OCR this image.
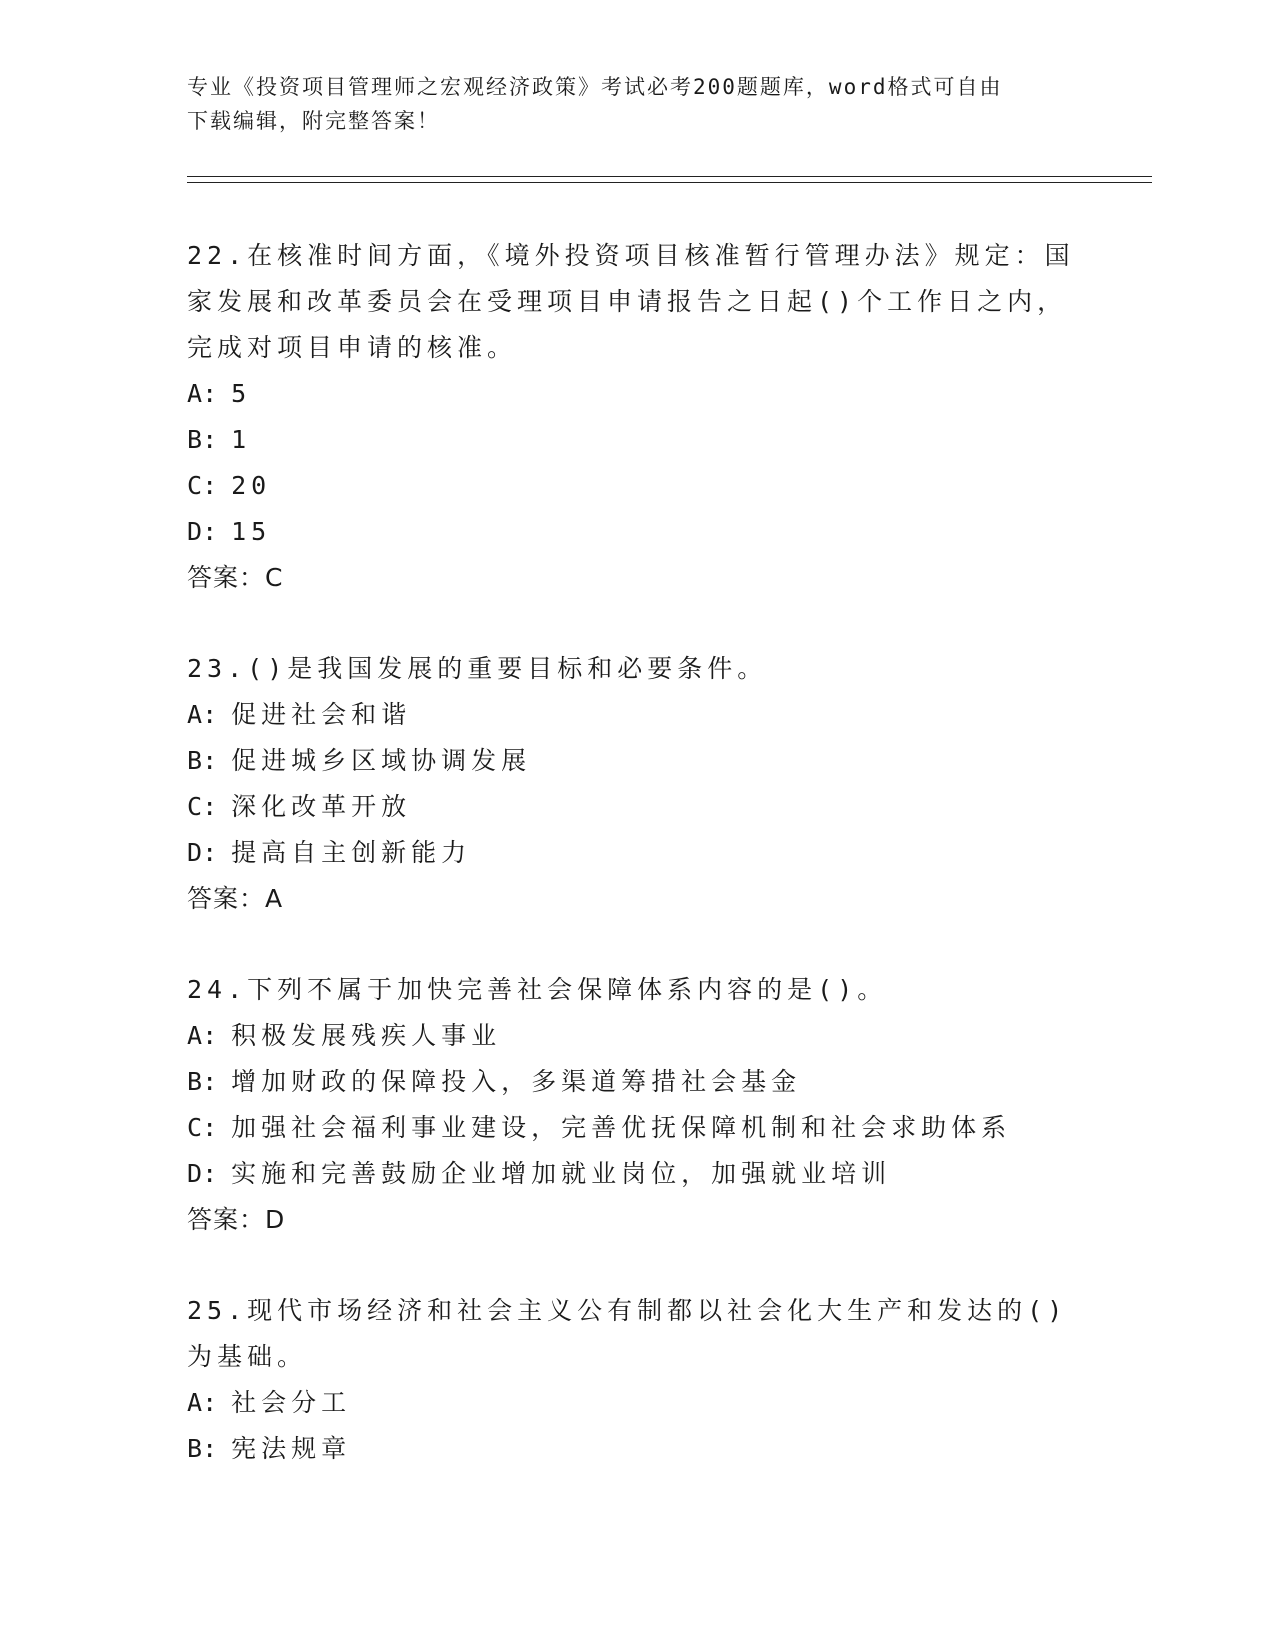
专业《投资项目管理师之宏观经济政策》考试必考200题题库，word格式可自由
下载编辑，附完整答案！
22.在核准时间方面，《境外投资项目核准暂行管理办法》规定：国家发展和改革委员会在受理项目申请报告之日起()个工作日之内，完成对项目申请的核准。
A: 5
B: 1
C: 20
D: 15
答案：C
23.()是我国发展的重要目标和必要条件。
A: 促进社会和谐
B: 促进城乡区域协调发展
C: 深化改革开放
D: 提高自主创新能力
答案：A
24.下列不属于加快完善社会保障体系内容的是()。
A: 积极发展残疾人事业
B: 增加财政的保障投入，多渠道筹措社会基金
C: 加强社会福利事业建设，完善优抚保障机制和社会求助体系
D: 实施和完善鼓励企业增加就业岗位，加强就业培训
答案：D
25.现代市场经济和社会主义公有制都以社会化大生产和发达的()为基础。
A: 社会分工
B: 宪法规章
